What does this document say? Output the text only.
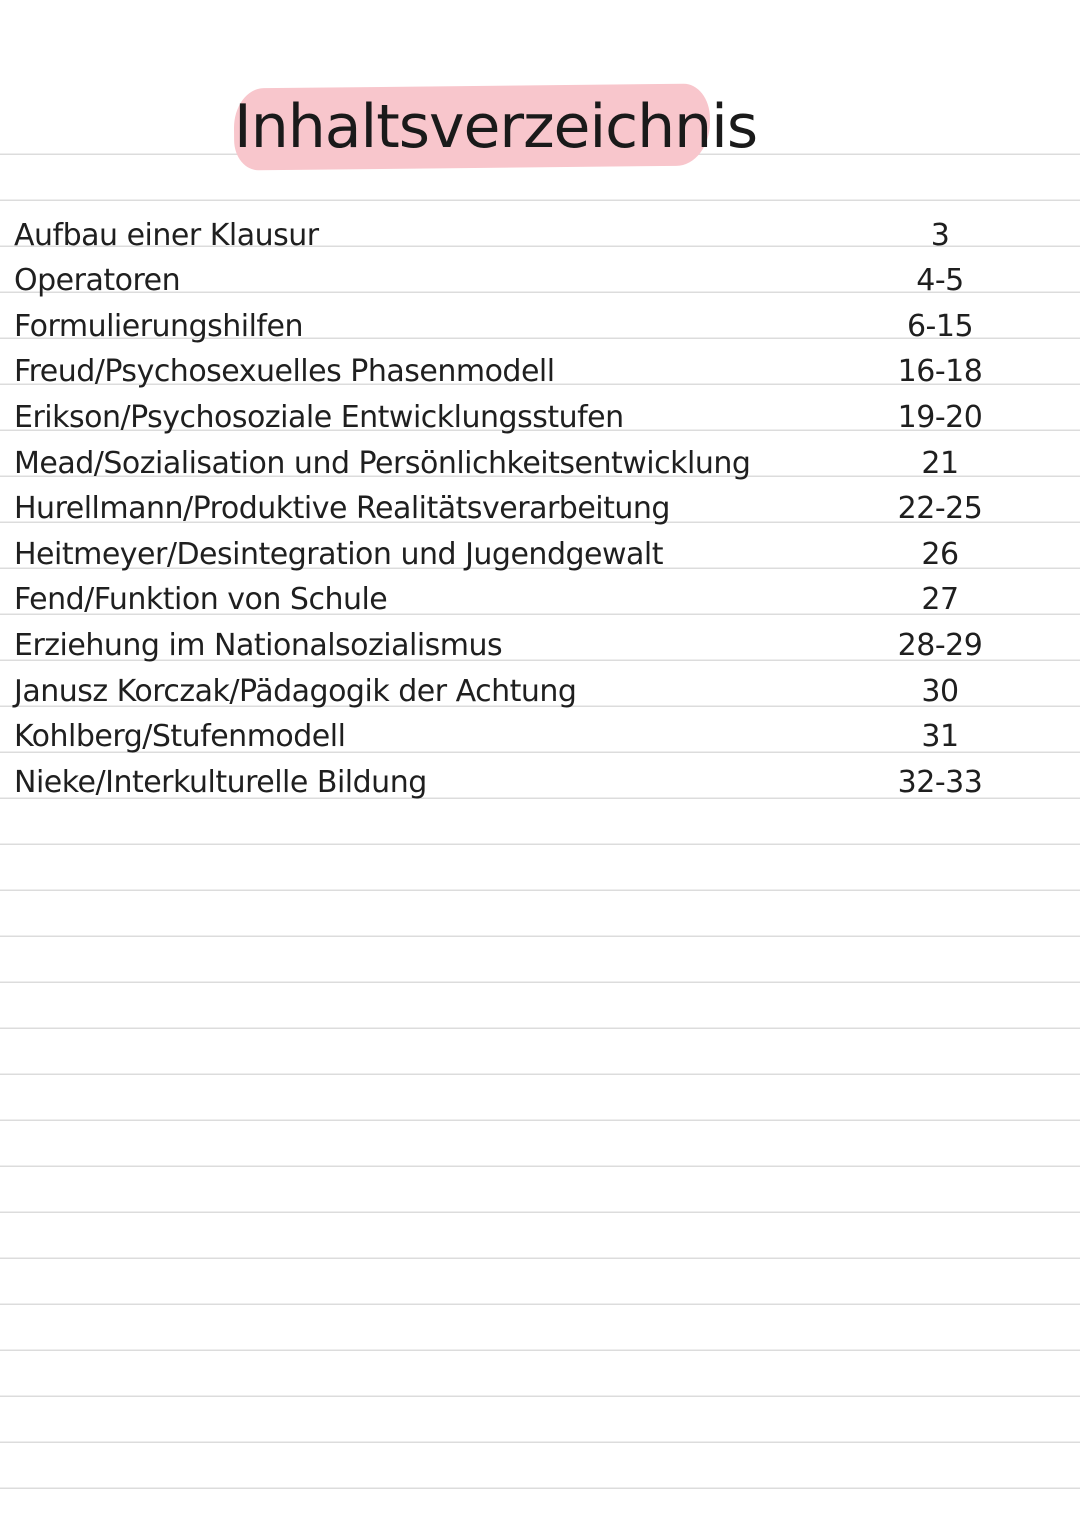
Inhaltsverzeichnis
Aufbau einer Klausur	3
Operatoren	4-5
Formulierungshilfen	6-15
Freud/Psychosexuelles Phasenmodell	16-18
Erikson/Psychosoziale Entwicklungsstufen	19-20
Mead/Sozialisation und Persönlichkeitsentwicklung	21
Hurellmann/Produktive Realitätsverarbeitung	22-25
Heitmeyer/Desintegration und Jugendgewalt	26
Fend/Funktion von Schule	27
Erziehung im Nationalsozialismus	28-29
Janusz Korczak/Pädagogik der Achtung	30
Kohlberg/Stufenmodell	31
Nieke/Interkulturelle Bildung	32-33
